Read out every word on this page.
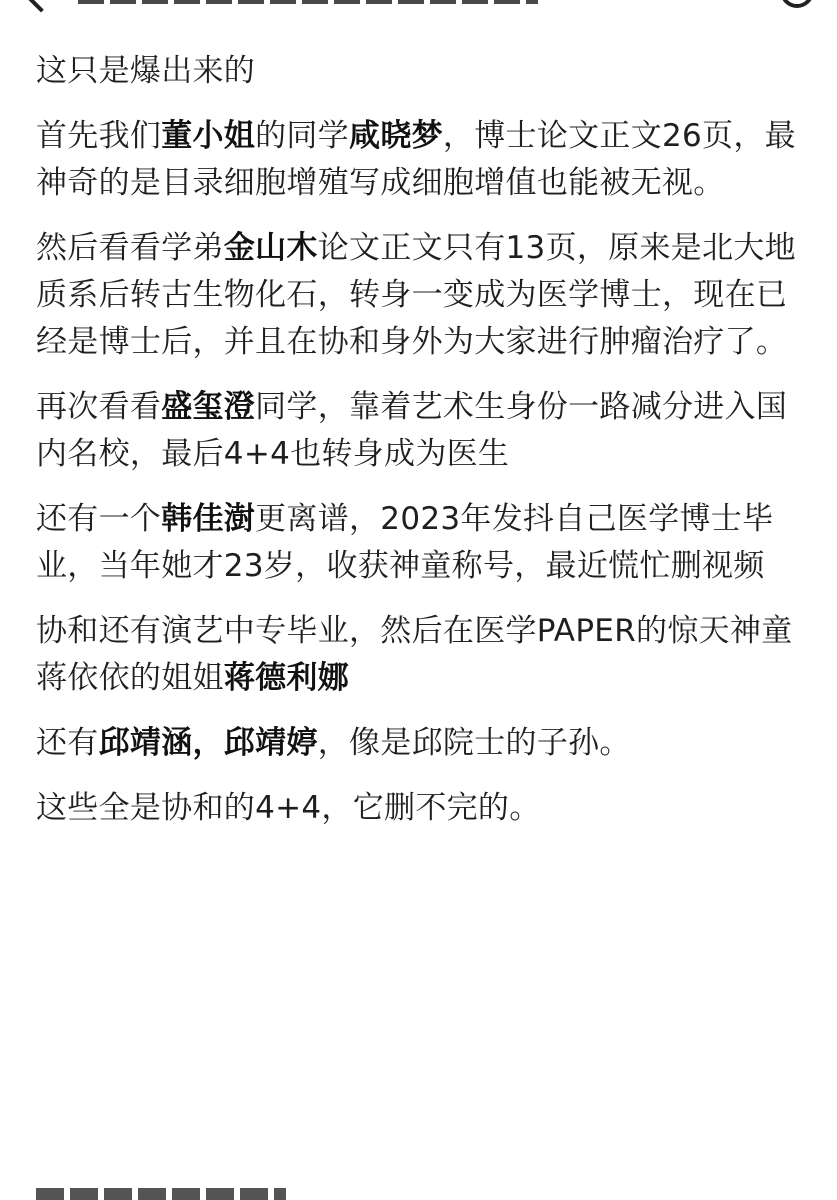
这只是爆出来的

首先我们董小姐的同学咸晓梦，博士论文正文26页，最神奇的是目录细胞增殖写成细胞增值也能被无视。

然后看看学弟金山木论文正文只有13页，原来是北大地质系后转古生物化石，转身一变成为医学博士，现在已经是博士后，并且在协和身外为大家进行肿瘤治疗了。

再次看看盛玺澄同学，靠着艺术生身份一路减分进入国内名校，最后4+4也转身成为医生

还有一个韩佳澍更离谱，2023年发抖自己医学博士毕业，当年她才23岁，收获神童称号，最近慌忙删视频

协和还有演艺中专毕业，然后在医学PAPER的惊天神童蒋依依的姐姐蒋德利娜

还有邱靖涵，邱靖婷，像是邱院士的子孙。

这些全是协和的4+4，它删不完的。
